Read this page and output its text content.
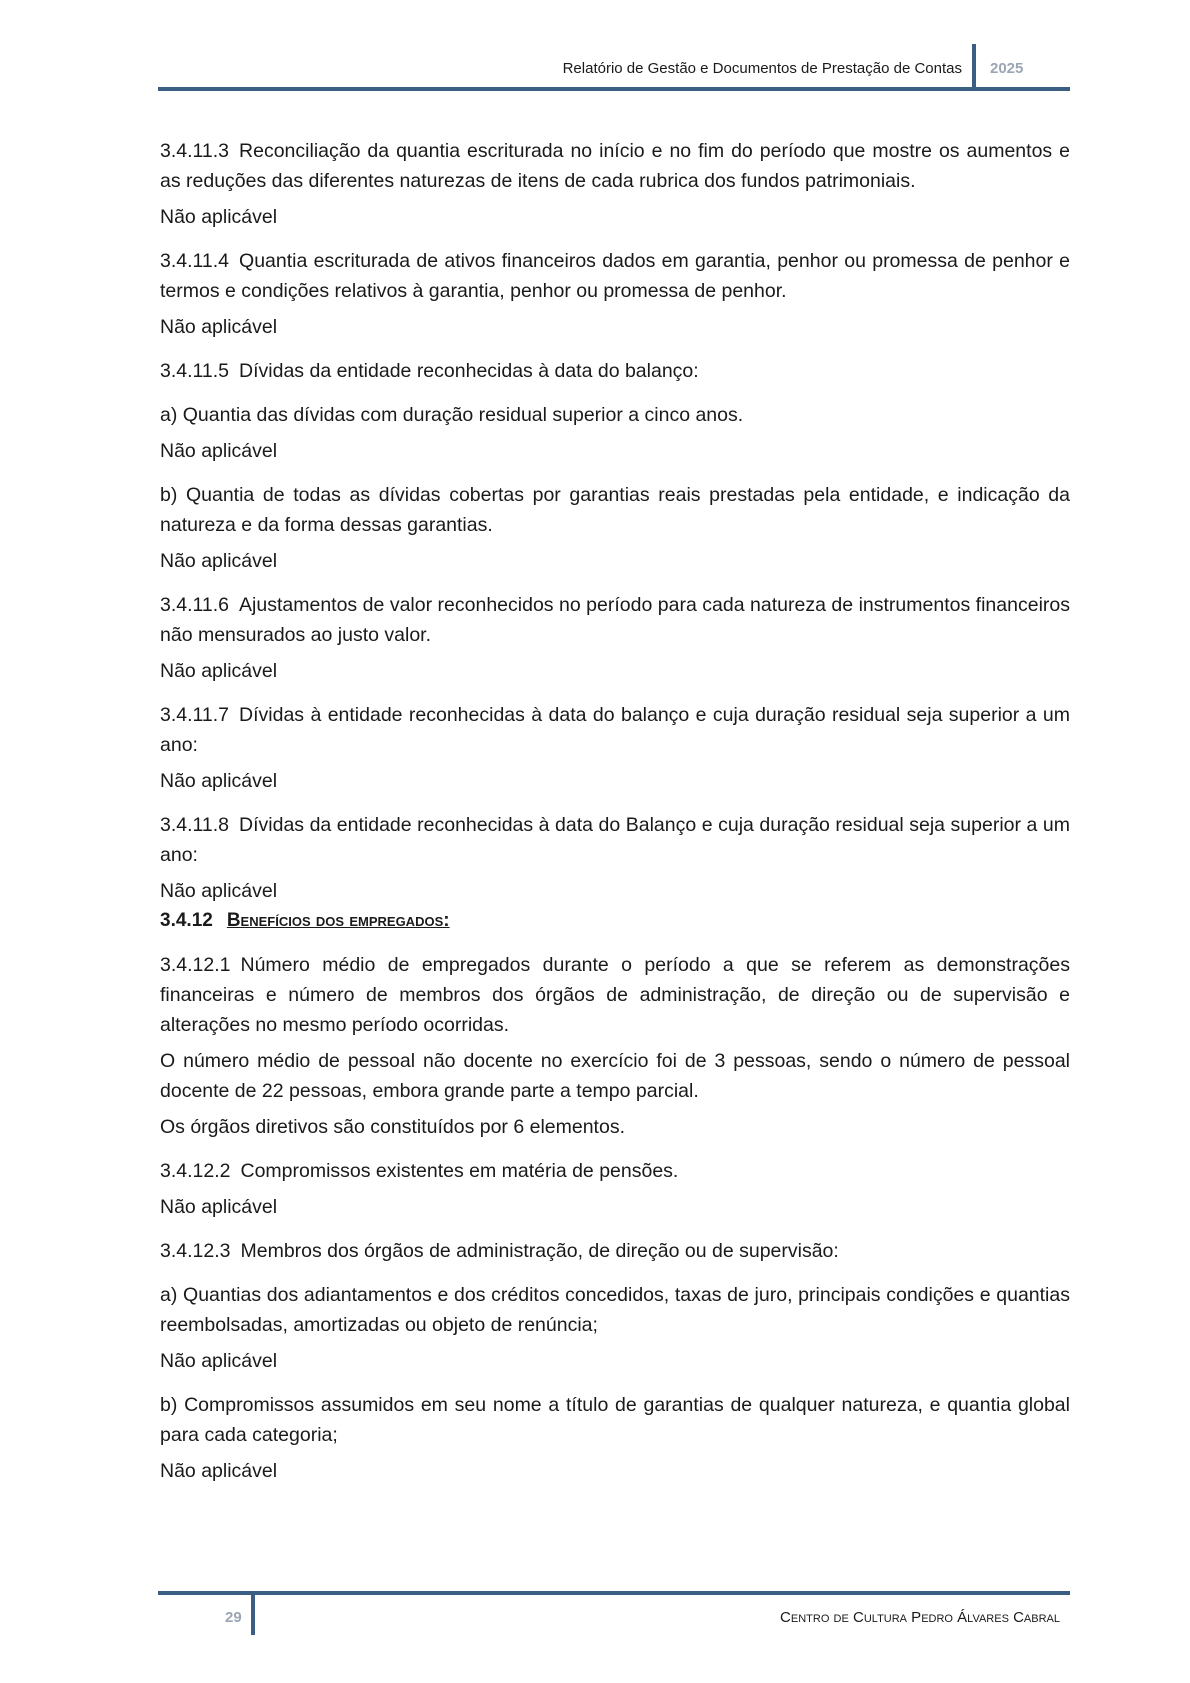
Relatório de Gestão e Documentos de Prestação de Contas 2025

3.4.11.3 Reconciliação da quantia escriturada no início e no fim do período que mostre os aumentos e as reduções das diferentes naturezas de itens de cada rubrica dos fundos patrimoniais.

Não aplicável

3.4.11.4 Quantia escriturada de ativos financeiros dados em garantia, penhor ou promessa de penhor e termos e condições relativos à garantia, penhor ou promessa de penhor.

Não aplicável

3.4.11.5 Dívidas da entidade reconhecidas à data do balanço:

a) Quantia das dívidas com duração residual superior a cinco anos.

Não aplicável

b) Quantia de todas as dívidas cobertas por garantias reais prestadas pela entidade, e indicação da natureza e da forma dessas garantias.

Não aplicável

3.4.11.6 Ajustamentos de valor reconhecidos no período para cada natureza de instrumentos financeiros não mensurados ao justo valor.

Não aplicável

3.4.11.7 Dívidas à entidade reconhecidas à data do balanço e cuja duração residual seja superior a um ano:

Não aplicável

3.4.11.8 Dívidas da entidade reconhecidas à data do Balanço e cuja duração residual seja superior a um ano:

Não aplicável

3.4.12 Benefícios dos empregados:

3.4.12.1 Número médio de empregados durante o período a que se referem as demonstrações financeiras e número de membros dos órgãos de administração, de direção ou de supervisão e alterações no mesmo período ocorridas.

O número médio de pessoal não docente no exercício foi de 3 pessoas, sendo o número de pessoal docente de 22 pessoas, embora grande parte a tempo parcial.

Os órgãos diretivos são constituídos por 6 elementos.

3.4.12.2 Compromissos existentes em matéria de pensões.

Não aplicável

3.4.12.3 Membros dos órgãos de administração, de direção ou de supervisão:

a) Quantias dos adiantamentos e dos créditos concedidos, taxas de juro, principais condições e quantias reembolsadas, amortizadas ou objeto de renúncia;

Não aplicável

b) Compromissos assumidos em seu nome a título de garantias de qualquer natureza, e quantia global para cada categoria;

Não aplicável

29	Centro de Cultura Pedro Álvares Cabral
